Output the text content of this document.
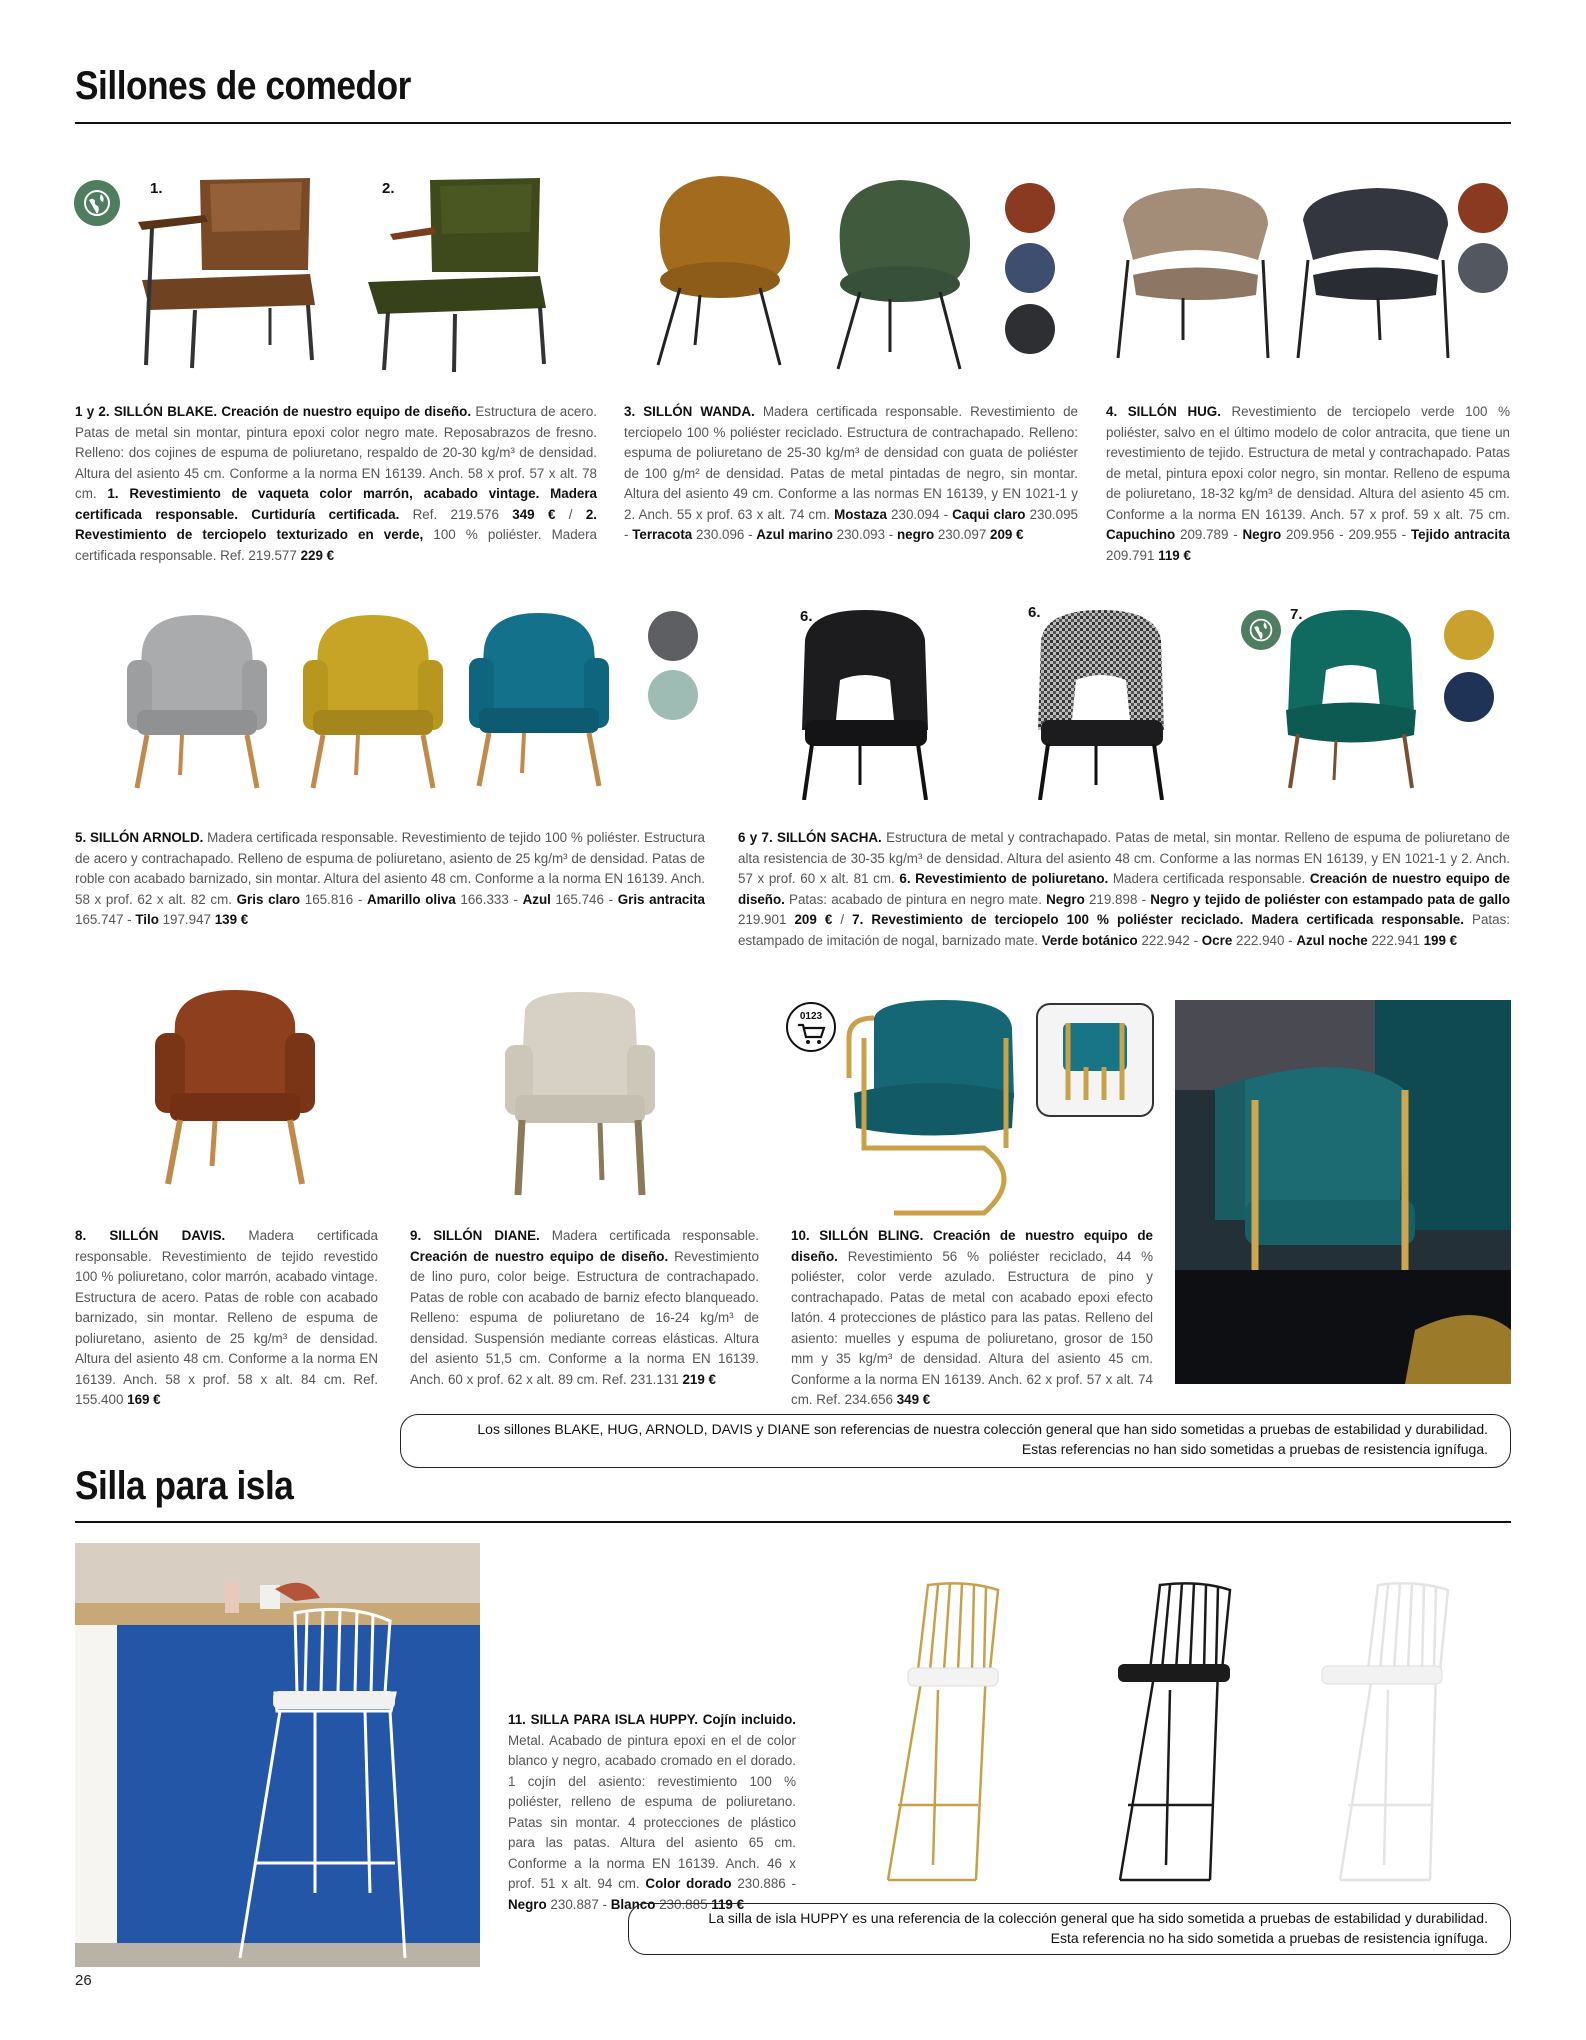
Sillones de comedor
1.	2.
1 y 2. SILLÓN BLAKE. Creación de nuestro equipo de diseño. Estructura de acero. Patas de metal sin montar, pintura epoxi color negro mate. Reposabrazos de fresno. Relleno: dos cojines de espuma de poliuretano, respaldo de 20-30 kg/m³ de densidad. Altura del asiento 45 cm. Conforme a la norma EN 16139. Anch. 58 x prof. 57 x alt. 78 cm. 1. Revestimiento de vaqueta color marrón, acabado vintage. Madera certificada responsable. Curtiduría certificada. Ref. 219.576 349 € / 2. Revestimiento de terciopelo texturizado en verde, 100 % poliéster. Madera certificada responsable. Ref. 219.577 229 €
3. SILLÓN WANDA. Madera certificada responsable. Revestimiento de terciopelo 100 % poliéster reciclado. Estructura de contrachapado. Relleno: espuma de poliuretano de 25-30 kg/m³ de densidad con guata de poliéster de 100 g/m² de densidad. Patas de metal pintadas de negro, sin montar. Altura del asiento 49 cm. Conforme a las normas EN 16139, y EN 1021-1 y 2. Anch. 55 x prof. 63 x alt. 74 cm. Mostaza 230.094 - Caqui claro 230.095 - Terracota 230.096 - Azul marino 230.093 - negro 230.097 209 €
4. SILLÓN HUG. Revestimiento de terciopelo verde 100 % poliéster, salvo en el último modelo de color antracita, que tiene un revestimiento de tejido. Estructura de metal y contrachapado. Patas de metal, pintura epoxi color negro, sin montar. Relleno de espuma de poliuretano, 18-32 kg/m³ de densidad. Altura del asiento 45 cm. Conforme a la norma EN 16139. Anch. 57 x prof. 59 x alt. 75 cm. Capuchino 209.789 - Negro 209.956 - 209.955 - Tejido antracita 209.791 119 €
6.	6.	7.
5. SILLÓN ARNOLD. Madera certificada responsable. Revestimiento de tejido 100 % poliéster. Estructura de acero y contrachapado. Relleno de espuma de poliuretano, asiento de 25 kg/m³ de densidad. Patas de roble con acabado barnizado, sin montar. Altura del asiento 48 cm. Conforme a la norma EN 16139. Anch. 58 x prof. 62 x alt. 82 cm. Gris claro 165.816 - Amarillo oliva 166.333 - Azul 165.746 - Gris antracita 165.747 - Tilo 197.947 139 €
6 y 7. SILLÓN SACHA. Estructura de metal y contrachapado. Patas de metal, sin montar. Relleno de espuma de poliuretano de alta resistencia de 30-35 kg/m³ de densidad. Altura del asiento 48 cm. Conforme a las normas EN 16139, y EN 1021-1 y 2. Anch. 57 x prof. 60 x alt. 81 cm. 6. Revestimiento de poliuretano. Madera certificada responsable. Creación de nuestro equipo de diseño. Patas: acabado de pintura en negro mate. Negro 219.898 - Negro y tejido de poliéster con estampado pata de gallo 219.901 209 € / 7. Revestimiento de terciopelo 100 % poliéster reciclado. Madera certificada responsable. Patas: estampado de imitación de nogal, barnizado mate. Verde botánico 222.942 - Ocre 222.940 - Azul noche 222.941 199 €
0123
8. SILLÓN DAVIS. Madera certificada responsable. Revestimiento de tejido revestido 100 % poliuretano, color marrón, acabado vintage. Estructura de acero. Patas de roble con acabado barnizado, sin montar. Relleno de espuma de poliuretano, asiento de 25 kg/m³ de densidad. Altura del asiento 48 cm. Conforme a la norma EN 16139. Anch. 58 x prof. 58 x alt. 84 cm. Ref. 155.400 169 €
9. SILLÓN DIANE. Madera certificada responsable. Creación de nuestro equipo de diseño. Revestimiento de lino puro, color beige. Estructura de contrachapado. Patas de roble con acabado de barniz efecto blanqueado. Relleno: espuma de poliuretano de 16-24 kg/m³ de densidad. Suspensión mediante correas elásticas. Altura del asiento 51,5 cm. Conforme a la norma EN 16139. Anch. 60 x prof. 62 x alt. 89 cm. Ref. 231.131 219 €
10. SILLÓN BLING. Creación de nuestro equipo de diseño. Revestimiento 56 % poliéster reciclado, 44 % poliéster, color verde azulado. Estructura de pino y contrachapado. Patas de metal con acabado epoxi efecto latón. 4 protecciones de plástico para las patas. Relleno del asiento: muelles y espuma de poliuretano, grosor de 150 mm y 35 kg/m³ de densidad. Altura del asiento 45 cm. Conforme a la norma EN 16139. Anch. 62 x prof. 57 x alt. 74 cm. Ref. 234.656 349 €
Los sillones BLAKE, HUG, ARNOLD, DAVIS y DIANE son referencias de nuestra colección general que han sido sometidas a pruebas de estabilidad y durabilidad.
Estas referencias no han sido sometidas a pruebas de resistencia ignífuga.
Silla para isla
11. SILLA PARA ISLA HUPPY. Cojín incluido. Metal. Acabado de pintura epoxi en el de color blanco y negro, acabado cromado en el dorado. 1 cojín del asiento: revestimiento 100 % poliéster, relleno de espuma de poliuretano. Patas sin montar. 4 protecciones de plástico para las patas. Altura del asiento 65 cm. Conforme a la norma EN 16139. Anch. 46 x prof. 51 x alt. 94 cm. Color dorado 230.886 - Negro 230.887 - Blanco 230.885 119 €
La silla de isla HUPPY es una referencia de la colección general que ha sido sometida a pruebas de estabilidad y durabilidad.
Esta referencia no ha sido sometida a pruebas de resistencia ignífuga.
26
